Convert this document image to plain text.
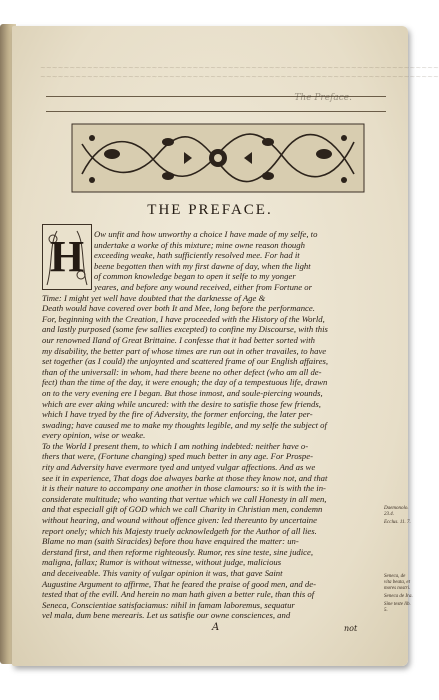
~~~~~~~~~~~~~~~~~~~~~~~~~~~~~~~~~~~~~~~~~~~~~~~~~~~~~~~~~~~~~~~~~~~~
~~~~~~~~~~~~~~~~~~~~~~~~~~~~~~~~~~~~~~~~~~~~~~~~~~~~~~~~~~~~~~~~~~~~
The Preface.
THE PREFACE.
H	Ow unfit and how unworthy a choice I have made of my selfe, to
undertake a worke of this mixture; mine owne reason though
exceeding weake, hath sufficiently resolved mee. For had it
beene begotten then with my first dawne of day, when the light
of common knowledge began to open it selfe to my yonger
yeares, and before any wound received, either from Fortune or

Time: I might yet well have doubted that the darknesse of Age &
Death would have covered over both It and Mee, long before the performance.
For, beginning with the Creation, I have proceeded with the History of the World,
and lastly purposed (some few sallies excepted) to confine my Discourse, with this
our renowned Iland of Great Brittaine. I confesse that it had better sorted with
my disability, the better part of whose times are run out in other travailes, to have
set together (as I could) the unjoynted and scattered frame of our English affaires,
than of the universall: in whom, had there beene no other defect (who am all de-
fect) than the time of the day, it were enough; the day of a tempestuous life, drawn
on to the very evening ere I began. But those inmost, and soule-piercing wounds,
which are ever aking while uncured: with the desire to satisfie those few friends,
which I have tryed by the fire of Adversity, the former enforcing, the later per-
swading; have caused me to make my thoughts legible, and my selfe the subject of
every opinion, wise or weake.

To the World I present them, to which I am nothing indebted: neither have o-
thers that were, (Fortune changing) sped much better in any age. For Prospe-
rity and Adversity have evermore tyed and untyed vulgar affections. And as we
see it in experience, That dogs doe alwayes barke at those they know not, and that
it is their nature to accompany one another in those clamours: so it is with the in-
considerate multitude; who wanting that vertue which we call Honesty in all men,
and that especiall gift of GOD which we call Charity in Christian men, condemn
without hearing, and wound without offence given: led thereunto by uncertaine
report onely; which his Majesty truely acknowledgeth for the Author of all lies.
Blame no man (saith Siracides) before thou have enquired the matter: un-
derstand first, and then reforme righteously. Rumor, res sine teste, sine judice,
maligna, fallax; Rumor is without witnesse, without judge, malicious
and deceiveable. This vanity of vulgar opinion it was, that gave Saint
Augustine Argument to affirme, That he feared the praise of good men, and de-
tested that of the evill. And herein no man hath given a better rule, than this of
Seneca, Conscientiae satisfaciamus: nihil in famam laboremus, sequatur
vel mala, dum bene merearis. Let us satisfie our owne consciences, and

Daemonolo. 23.4.
Ecclus. 11. 7.
Seneca, de vita beata, et mores nostri.
Seneca de Ira.
Sine teste lib. 5.
A	not
